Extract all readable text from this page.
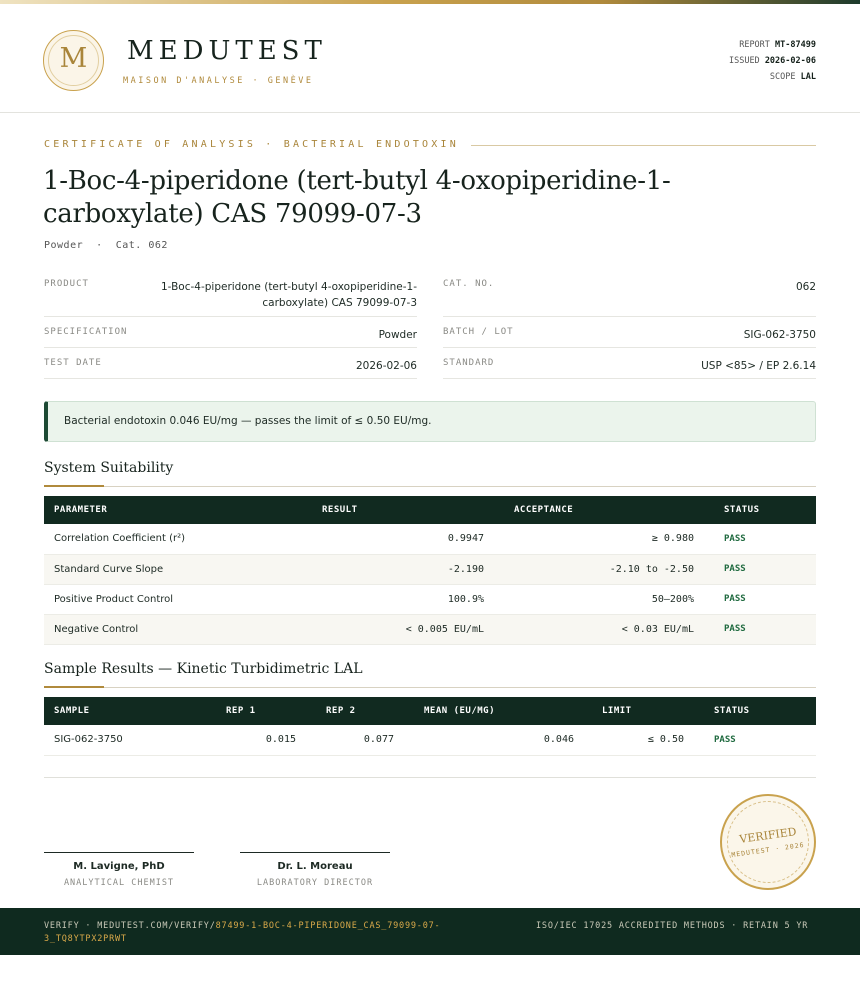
M	MEDUTEST
MAISON D'ANALYSE · GENÈVE
REPORT MT-87499
ISSUED 2026-02-06
SCOPE LAL
CERTIFICATE OF ANALYSIS · BACTERIAL ENDOTOXIN
1-Boc-4-piperidone (tert-butyl 4-oxopiperidine-1-carboxylate) CAS 79099-07-3
Powder  ·  Cat. 062
PRODUCT	1-Boc-4-piperidone (tert-butyl 4-oxopiperidine-1-
carboxylate) CAS 79099-07-3
CAT. NO.	062
SPECIFICATION	Powder	BATCH / LOT	SIG-062-3750
TEST DATE	2026-02-06	STANDARD	USP <85> / EP 2.6.14
Bacterial endotoxin 0.046 EU/mg — passes the limit of ≤ 0.50 EU/mg.
System Suitability
PARAMETER	RESULT	ACCEPTANCE	STATUS
Correlation Coefficient (r²)	0.9947	≥ 0.980	PASS
Standard Curve Slope	-2.190	-2.10 to -2.50	PASS
Positive Product Control	100.9%	50–200%	PASS
Negative Control	< 0.005 EU/mL	< 0.03 EU/mL	PASS
Sample Results — Kinetic Turbidimetric LAL
SAMPLE	REP 1	REP 2	MEAN (EU/MG)	LIMIT	STATUS
SIG-062-3750	0.015	0.077	0.046	≤ 0.50	PASS
M. Lavigne, PhD
ANALYTICAL CHEMIST
Dr. L. Moreau
LABORATORY DIRECTOR
VERIFIED
MEDUTEST · 2026
VERIFY · MEDUTEST.COM/VERIFY/87499-1-BOC-4-PIPERIDONE_CAS_79099-07-3_TQ8YTPX2PRWT
ISO/IEC 17025 ACCREDITED METHODS · RETAIN 5 YR
